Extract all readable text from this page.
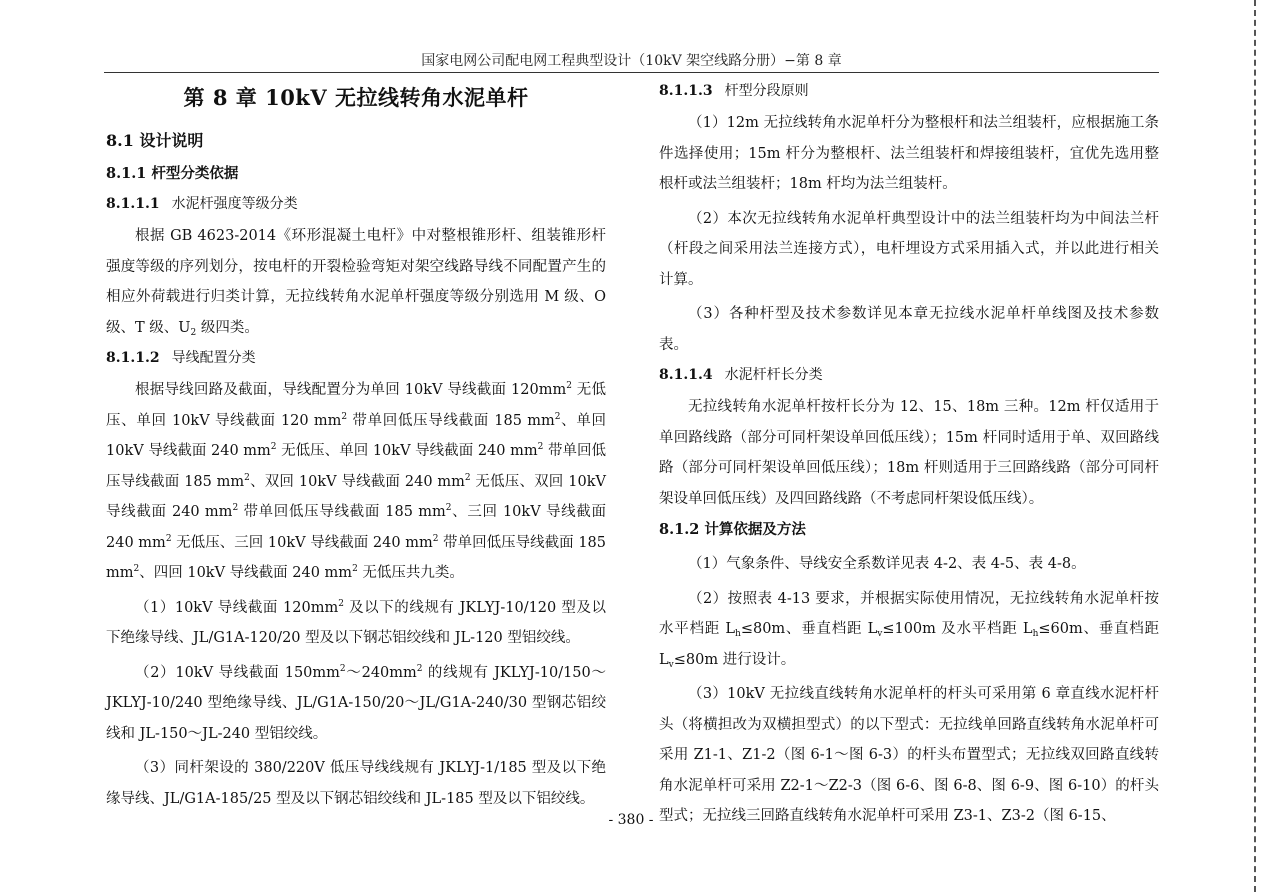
国家电网公司配电网工程典型设计（10kV 架空线路分册）−第 8 章
第 8 章 10kV 无拉线转角水泥单杆
8.1 设计说明
8.1.1 杆型分类依据
8.1.1.1 水泥杆强度等级分类

根据 GB 4623-2014《环形混凝土电杆》中对整根锥形杆、组装锥形杆强度等级的序列划分，按电杆的开裂检验弯矩对架空线路导线不同配置产生的相应外荷载进行归类计算，无拉线转角水泥单杆强度等级分别选用 M 级、O 级、T 级、$U_2$ 级四类。

8.1.1.2 导线配置分类

根据导线回路及截面，导线配置分为单回 10kV 导线截面 $120mm^2$ 无低压、单回 10kV 导线截面 120 $mm^2$ 带单回低压导线截面 185 $mm^2$、单回 10kV 导线截面 240 $mm^2$ 无低压、单回 10kV 导线截面 240 $mm^2$ 带单回低压导线截面 185 $mm^2$、双回 10kV 导线截面 240 $mm^2$ 无低压、双回 10kV 导线截面 240 $mm^2$ 带单回低压导线截面 185 $mm^2$、三回 10kV 导线截面 240 $mm^2$ 无低压、三回 10kV 导线截面 240 $mm^2$ 带单回低压导线截面 185 $mm^2$、四回 10kV 导线截面 240 $mm^2$ 无低压共九类。

（1）10kV 导线截面 $120mm^2$ 及以下的线规有 JKLYJ-10/120 型及以下绝缘导线、JL/G1A-120/20 型及以下钢芯铝绞线和 JL-120 型铝绞线。

（2）10kV 导线截面 $150mm^2\sim 240mm^2$ 的线规有 JKLYJ-10/150～JKLYJ-10/240 型绝缘导线、JL/G1A-150/20～JL/G1A-240/30 型钢芯铝绞线和 JL-150～JL-240 型铝绞线。

（3）同杆架设的 380/220V 低压导线线规有 JKLYJ-1/185 型及以下绝缘导线、JL/G1A-185/25 型及以下钢芯铝绞线和 JL-185 型及以下铝绞线。

8.1.1.3 杆型分段原则

（1）12m 无拉线转角水泥单杆分为整根杆和法兰组装杆，应根据施工条件选择使用；15m 杆分为整根杆、法兰组装杆和焊接组装杆，宜优先选用整根杆或法兰组装杆；18m 杆均为法兰组装杆。

（2）本次无拉线转角水泥单杆典型设计中的法兰组装杆均为中间法兰杆（杆段之间采用法兰连接方式），电杆埋设方式采用插入式，并以此进行相关计算。

（3）各种杆型及技术参数详见本章无拉线水泥单杆单线图及技术参数表。

8.1.1.4 水泥杆杆长分类

无拉线转角水泥单杆按杆长分为 12、15、18m 三种。12m 杆仅适用于单回路线路（部分可同杆架设单回低压线）；15m 杆同时适用于单、双回路线路（部分可同杆架设单回低压线）；18m 杆则适用于三回路线路（部分可同杆架设单回低压线）及四回路线路（不考虑同杆架设低压线）。

8.1.2 计算依据及方法

（1）气象条件、导线安全系数详见表 4-2、表 4-5、表 4-8。

（2）按照表 4-13 要求，并根据实际使用情况，无拉线转角水泥单杆按水平档距 $L_h\le 80m$、垂直档距 $L_v\le 100m$ 及水平档距 $L_h\le 60m$、垂直档距 $L_v\le 80m$ 进行设计。

（3）10kV 无拉线直线转角水泥单杆的杆头可采用第 6 章直线水泥杆杆头（将横担改为双横担型式）的以下型式：无拉线单回路直线转角水泥单杆可采用 Z1-1、Z1-2（图 6-1～图 6-3）的杆头布置型式；无拉线双回路直线转角水泥单杆可采用 Z2-1～Z2-3（图 6-6、图 6-8、图 6-9、图 6-10）的杆头型式；无拉线三回路直线转角水泥单杆可采用 Z3-1、Z3-2（图 6-15、

- 380 -
